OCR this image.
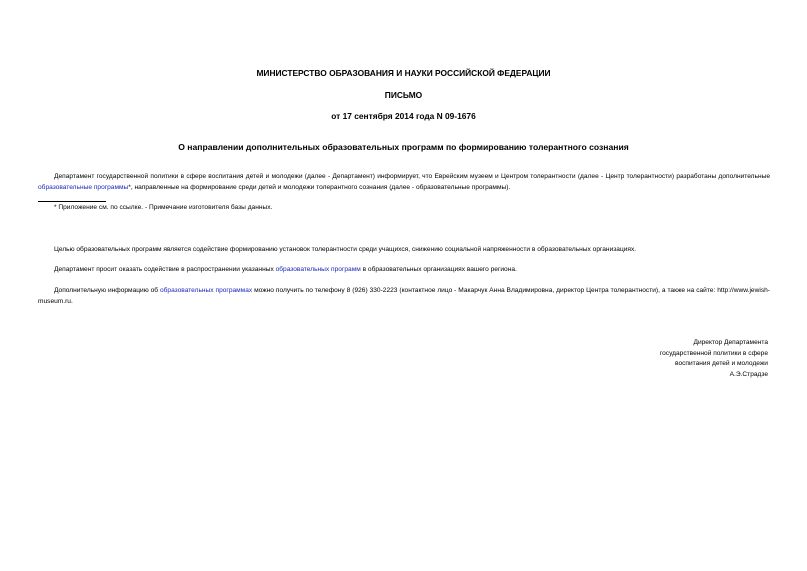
МИНИСТЕРСТВО ОБРАЗОВАНИЯ И НАУКИ РОССИЙСКОЙ ФЕДЕРАЦИИ
ПИСЬМО
от 17 сентября 2014 года N 09-1676
О направлении дополнительных образовательных программ по формированию толерантного сознания
Департамент государственной политики в сфере воспитания детей и молодежи (далее - Департамент) информирует, что Еврейским музеем и Центром толерантности (далее - Центр толерантности) разработаны дополнительные образовательные программы*, направленные на формирование среди детей и молодежи толерантного сознания (далее - образовательные программы).
* Приложение см. по ссылке. - Примечание изготовителя базы данных.
Целью образовательных программ является содействие формированию установок толерантности среди учащихся, снижению социальной напряженности в образовательных организациях.
Департамент просит оказать содействие в распространении указанных образовательных программ в образовательных организациях вашего региона.
Дополнительную информацию об образовательных программах можно получить по телефону 8 (926) 330-2223 (контактное лицо - Макарчук Анна Владимировна, директор Центра толерантности), а также на сайте: http://www.jewish-museum.ru.
Директор Департамента
государственной политики в сфере
воспитания детей и молодежи
А.Э.Страдзе
